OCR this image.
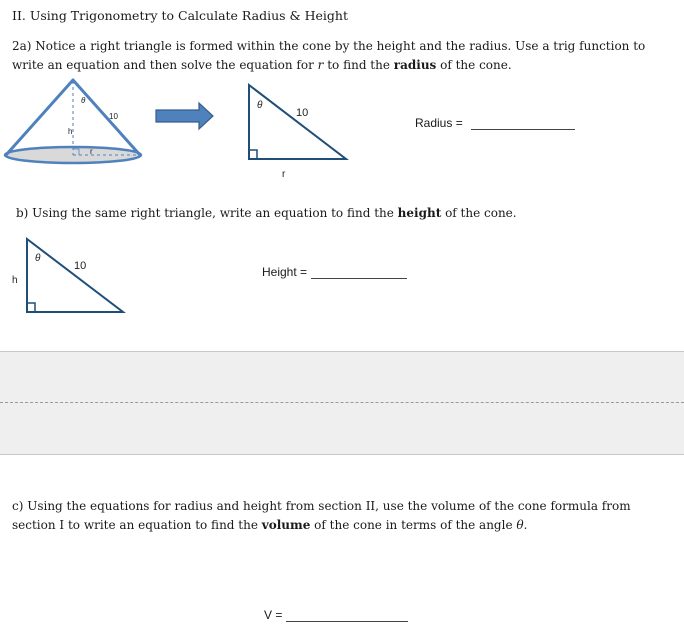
II. Using Trigonometry to Calculate Radius & Height
2a) Notice a right triangle is formed within the cone by the height and the radius. Use a trig function to write an equation and then solve the equation for r to find the radius of the cone.
θ
10
h
r
θ
10
r
Radius =
b) Using the same right triangle, write an equation to find the height of the cone.
θ
10
h
Height =
c) Using the equations for radius and height from section II, use the volume of the cone formula from section I to write an equation to find the volume of the cone in terms of the angle θ.
V =
